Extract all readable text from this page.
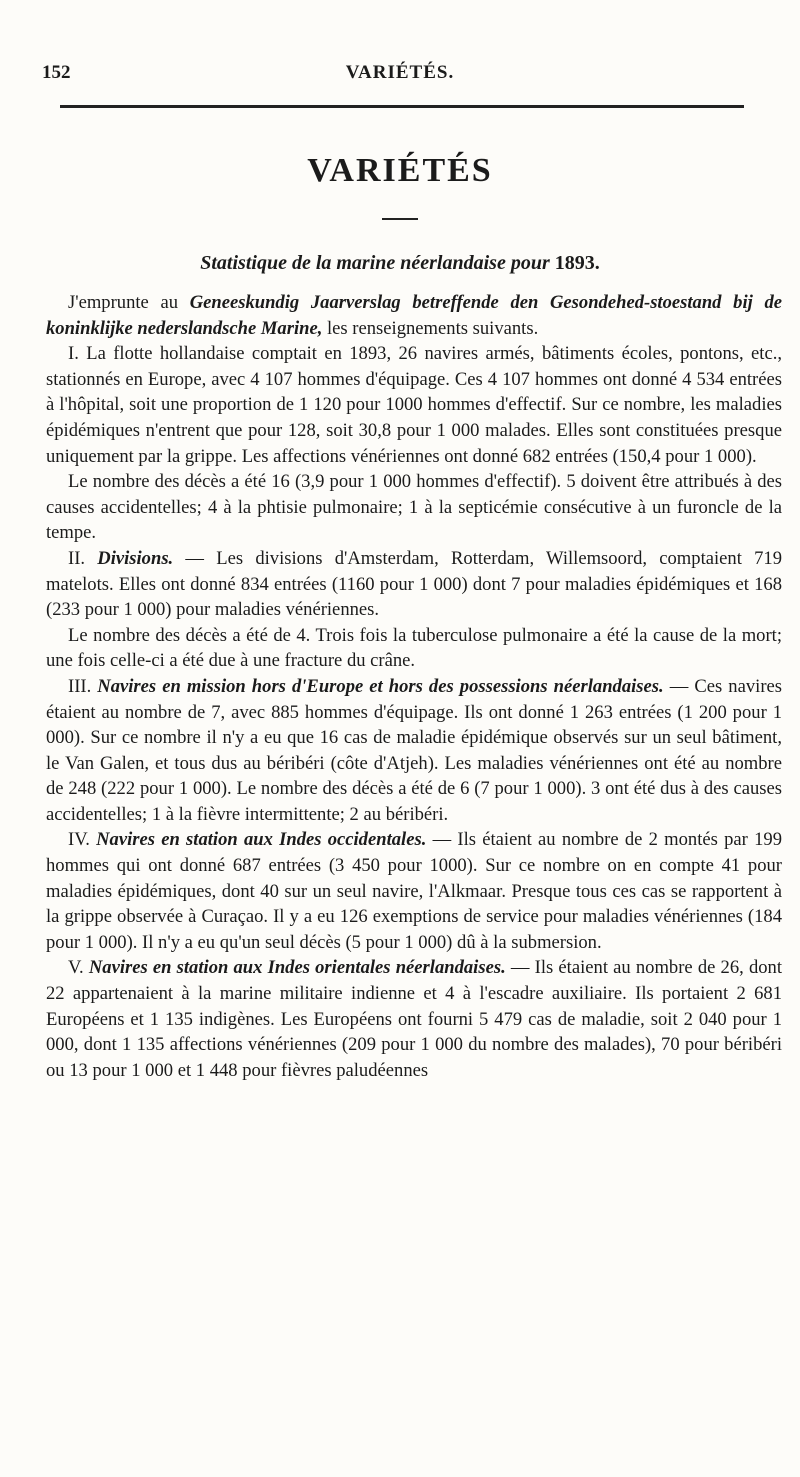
152	VARIÉTÉS.
VARIÉTÉS
Statistique de la marine néerlandaise pour 1893.

J'emprunte au Geneeskundig Jaarverslag betreffende den Gesondehed-stoestand bij de koninklijke nederslandsche Marine, les renseignements suivants.

I. La flotte hollandaise comptait en 1893, 26 navires armés, bâtiments écoles, pontons, etc., stationnés en Europe, avec 4 107 hommes d'équipage. Ces 4 107 hommes ont donné 4 534 entrées à l'hôpital, soit une proportion de 1 120 pour 1000 hommes d'effectif. Sur ce nombre, les maladies épidémiques n'entrent que pour 128, soit 30,8 pour 1 000 malades. Elles sont constituées presque uniquement par la grippe. Les affections vénériennes ont donné 682 entrées (150,4 pour 1 000).

Le nombre des décès a été 16 (3,9 pour 1 000 hommes d'effectif). 5 doivent être attribués à des causes accidentelles; 4 à la phtisie pulmonaire; 1 à la septicémie consécutive à un furoncle de la tempe.

II. Divisions. — Les divisions d'Amsterdam, Rotterdam, Willemsoord, comptaient 719 matelots. Elles ont donné 834 entrées (1160 pour 1 000) dont 7 pour maladies épidémiques et 168 (233 pour 1 000) pour maladies vénériennes.

Le nombre des décès a été de 4. Trois fois la tuberculose pulmonaire a été la cause de la mort; une fois celle-ci a été due à une fracture du crâne.

III. Navires en mission hors d'Europe et hors des possessions néerlandaises. — Ces navires étaient au nombre de 7, avec 885 hommes d'équipage. Ils ont donné 1 263 entrées (1 200 pour 1 000). Sur ce nombre il n'y a eu que 16 cas de maladie épidémique observés sur un seul bâtiment, le Van Galen, et tous dus au béribéri (côte d'Atjeh). Les maladies vénériennes ont été au nombre de 248 (222 pour 1 000). Le nombre des décès a été de 6 (7 pour 1 000). 3 ont été dus à des causes accidentelles; 1 à la fièvre intermittente; 2 au béribéri.

IV. Navires en station aux Indes occidentales. — Ils étaient au nombre de 2 montés par 199 hommes qui ont donné 687 entrées (3 450 pour 1000). Sur ce nombre on en compte 41 pour maladies épidémiques, dont 40 sur un seul navire, l'Alkmaar. Presque tous ces cas se rapportent à la grippe observée à Curaçao. Il y a eu 126 exemptions de service pour maladies vénériennes (184 pour 1 000). Il n'y a eu qu'un seul décès (5 pour 1 000) dû à la submersion.

V. Navires en station aux Indes orientales néerlandaises. — Ils étaient au nombre de 26, dont 22 appartenaient à la marine militaire indienne et 4 à l'escadre auxiliaire. Ils portaient 2 681 Européens et 1 135 indigènes. Les Européens ont fourni 5 479 cas de maladie, soit 2 040 pour 1 000, dont 1 135 affections vénériennes (209 pour 1 000 du nombre des malades), 70 pour béribéri ou 13 pour 1 000 et 1 448 pour fièvres paludéennes
